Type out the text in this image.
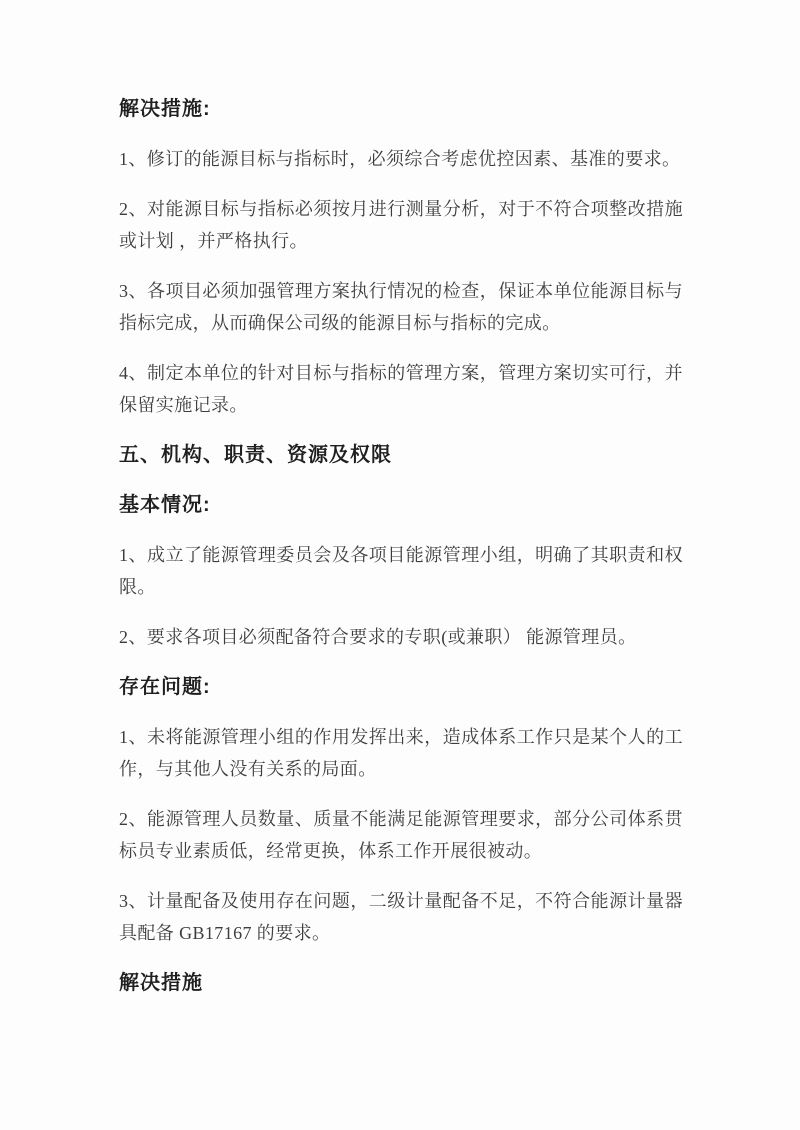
解决措施:

1、修订的能源目标与指标时，必须综合考虑优控因素、基准的要求。

2、对能源目标与指标必须按月进行测量分析，对于不符合项整改措施或计划 ，并严格执行。

3、各项目必须加强管理方案执行情况的检查，保证本单位能源目标与指标完成，从而确保公司级的能源目标与指标的完成。

4、制定本单位的针对目标与指标的管理方案，管理方案切实可行，并保留实施记录。

五、机构、职责、资源及权限

基本情况:

1、成立了能源管理委员会及各项目能源管理小组，明确了其职责和权限。

2、要求各项目必须配备符合要求的专职(或兼职） 能源管理员。

存在问题:

1、未将能源管理小组的作用发挥出来，造成体系工作只是某个人的工作，与其他人没有关系的局面。

2、能源管理人员数量、质量不能满足能源管理要求，部分公司体系贯标员专业素质低，经常更换，体系工作开展很被动。

3、计量配备及使用存在问题，二级计量配备不足，不符合能源计量器具配备 GB17167 的要求。

解决措施
